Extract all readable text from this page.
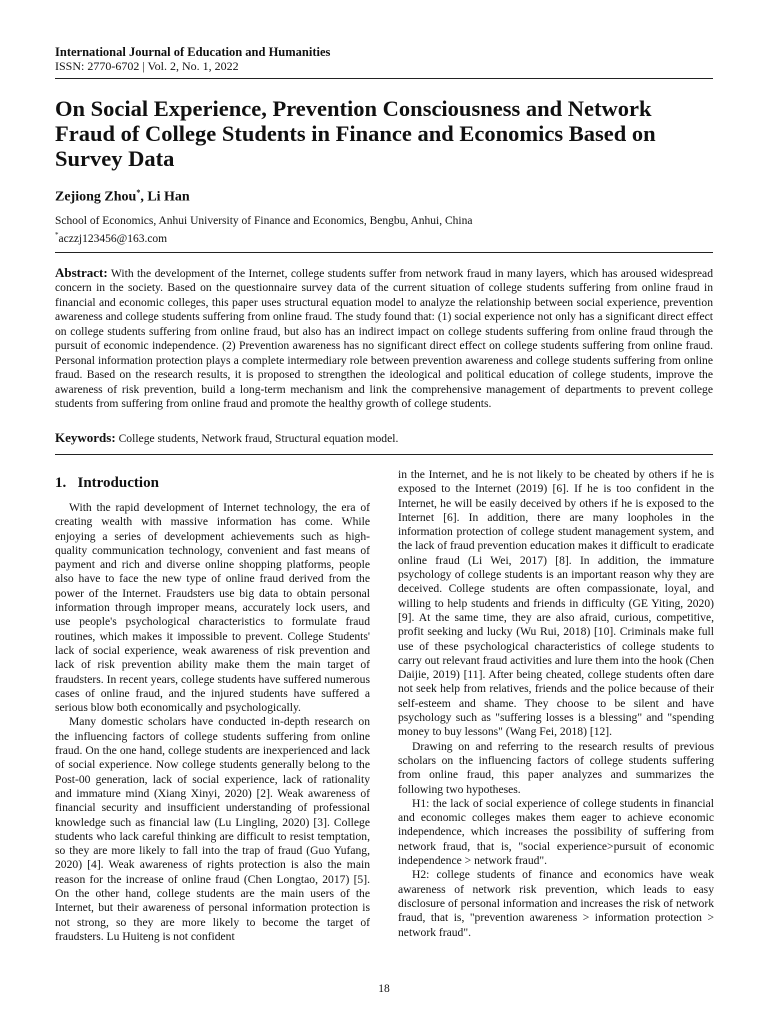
International Journal of Education and Humanities
ISSN: 2770-6702 | Vol. 2, No. 1, 2022
On Social Experience, Prevention Consciousness and Network Fraud of College Students in Finance and Economics Based on Survey Data
Zejiong Zhou*, Li Han
School of Economics, Anhui University of Finance and Economics, Bengbu, Anhui, China
*aczzj123456@163.com
Abstract: With the development of the Internet, college students suffer from network fraud in many layers, which has aroused widespread concern in the society. Based on the questionnaire survey data of the current situation of college students suffering from online fraud in financial and economic colleges, this paper uses structural equation model to analyze the relationship between social experience, prevention awareness and college students suffering from online fraud. The study found that: (1) social experience not only has a significant direct effect on college students suffering from online fraud, but also has an indirect impact on college students suffering from online fraud through the pursuit of economic independence. (2) Prevention awareness has no significant direct effect on college students suffering from online fraud. Personal information protection plays a complete intermediary role between prevention awareness and college students suffering from online fraud. Based on the research results, it is proposed to strengthen the ideological and political education of college students, improve the awareness of risk prevention, build a long-term mechanism and link the comprehensive management of departments to prevent college students from suffering from online fraud and promote the healthy growth of college students.
Keywords: College students, Network fraud, Structural equation model.
1.   Introduction

With the rapid development of Internet technology, the era of creating wealth with massive information has come. While enjoying a series of development achievements such as high-quality communication technology, convenient and fast means of payment and rich and diverse online shopping platforms, people also have to face the new type of online fraud derived from the power of the Internet. Fraudsters use big data to obtain personal information through improper means, accurately lock users, and use people's psychological characteristics to formulate fraud routines, which makes it impossible to prevent. College Students' lack of social experience, weak awareness of risk prevention and lack of risk prevention ability make them the main target of fraudsters. In recent years, college students have suffered numerous cases of online fraud, and the injured students have suffered a serious blow both economically and psychologically.

Many domestic scholars have conducted in-depth research on the influencing factors of college students suffering from online fraud. On the one hand, college students are inexperienced and lack of social experience. Now college students generally belong to the Post-00 generation, lack of social experience, lack of rationality and immature mind (Xiang Xinyi, 2020) [2]. Weak awareness of financial security and insufficient understanding of professional knowledge such as financial law (Lu Lingling, 2020) [3]. College students who lack careful thinking are difficult to resist temptation, so they are more likely to fall into the trap of fraud (Guo Yufang, 2020) [4]. Weak awareness of rights protection is also the main reason for the increase of online fraud (Chen Longtao, 2017) [5]. On the other hand, college students are the main users of the Internet, but their awareness of personal information protection is not strong, so they are more likely to become the target of fraudsters. Lu Huiteng is not confident

in the Internet, and he is not likely to be cheated by others if he is exposed to the Internet (2019) [6]. If he is too confident in the Internet, he will be easily deceived by others if he is exposed to the Internet [6]. In addition, there are many loopholes in the information protection of college student management system, and the lack of fraud prevention education makes it difficult to eradicate online fraud (Li Wei, 2017) [8]. In addition, the immature psychology of college students is an important reason why they are deceived. College students are often compassionate, loyal, and willing to help students and friends in difficulty (GE Yiting, 2020) [9]. At the same time, they are also afraid, curious, competitive, profit seeking and lucky (Wu Rui, 2018) [10]. Criminals make full use of these psychological characteristics of college students to carry out relevant fraud activities and lure them into the hook (Chen Daijie, 2019) [11]. After being cheated, college students often dare not seek help from relatives, friends and the police because of their self-esteem and shame. They choose to be silent and have psychology such as "suffering losses is a blessing" and "spending money to buy lessons" (Wang Fei, 2018) [12].

Drawing on and referring to the research results of previous scholars on the influencing factors of college students suffering from online fraud, this paper analyzes and summarizes the following two hypotheses.

H1: the lack of social experience of college students in financial and economic colleges makes them eager to achieve economic independence, which increases the possibility of suffering from network fraud, that is, "social experience>pursuit of economic independence > network fraud".

H2: college students of finance and economics have weak awareness of network risk prevention, which leads to easy disclosure of personal information and increases the risk of network fraud, that is, "prevention awareness > information protection > network fraud".

18
